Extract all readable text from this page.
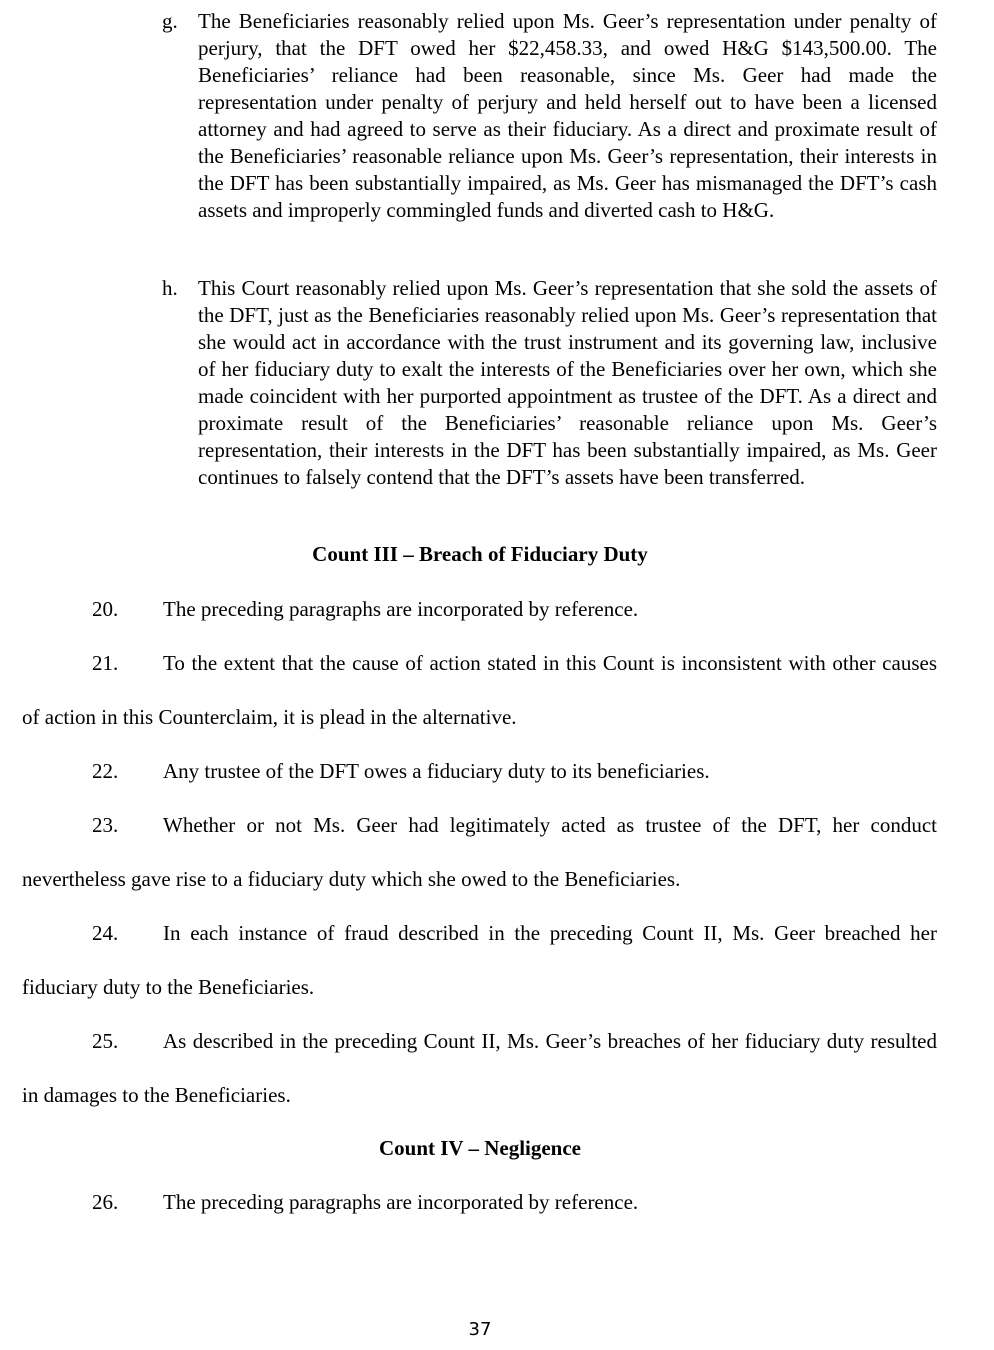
g. The Beneficiaries reasonably relied upon Ms. Geer’s representation under penalty of perjury, that the DFT owed her $22,458.33, and owed H&G $143,500.00. The Beneficiaries’ reliance had been reasonable, since Ms. Geer had made the representation under penalty of perjury and held herself out to have been a licensed attorney and had agreed to serve as their fiduciary. As a direct and proximate result of the Beneficiaries’ reasonable reliance upon Ms. Geer’s representation, their interests in the DFT has been substantially impaired, as Ms. Geer has mismanaged the DFT’s cash assets and improperly commingled funds and diverted cash to H&G.
h. This Court reasonably relied upon Ms. Geer’s representation that she sold the assets of the DFT, just as the Beneficiaries reasonably relied upon Ms. Geer’s representation that she would act in accordance with the trust instrument and its governing law, inclusive of her fiduciary duty to exalt the interests of the Beneficiaries over her own, which she made coincident with her purported appointment as trustee of the DFT. As a direct and proximate result of the Beneficiaries’ reasonable reliance upon Ms. Geer’s representation, their interests in the DFT has been substantially impaired, as Ms. Geer continues to falsely contend that the DFT’s assets have been transferred.
Count III – Breach of Fiduciary Duty
20. The preceding paragraphs are incorporated by reference.
21. To the extent that the cause of action stated in this Count is inconsistent with other causes of action in this Counterclaim, it is plead in the alternative.
22. Any trustee of the DFT owes a fiduciary duty to its beneficiaries.
23. Whether or not Ms. Geer had legitimately acted as trustee of the DFT, her conduct nevertheless gave rise to a fiduciary duty which she owed to the Beneficiaries.
24. In each instance of fraud described in the preceding Count II, Ms. Geer breached her fiduciary duty to the Beneficiaries.
25. As described in the preceding Count II, Ms. Geer’s breaches of her fiduciary duty resulted in damages to the Beneficiaries.
Count IV – Negligence
26. The preceding paragraphs are incorporated by reference.
37
